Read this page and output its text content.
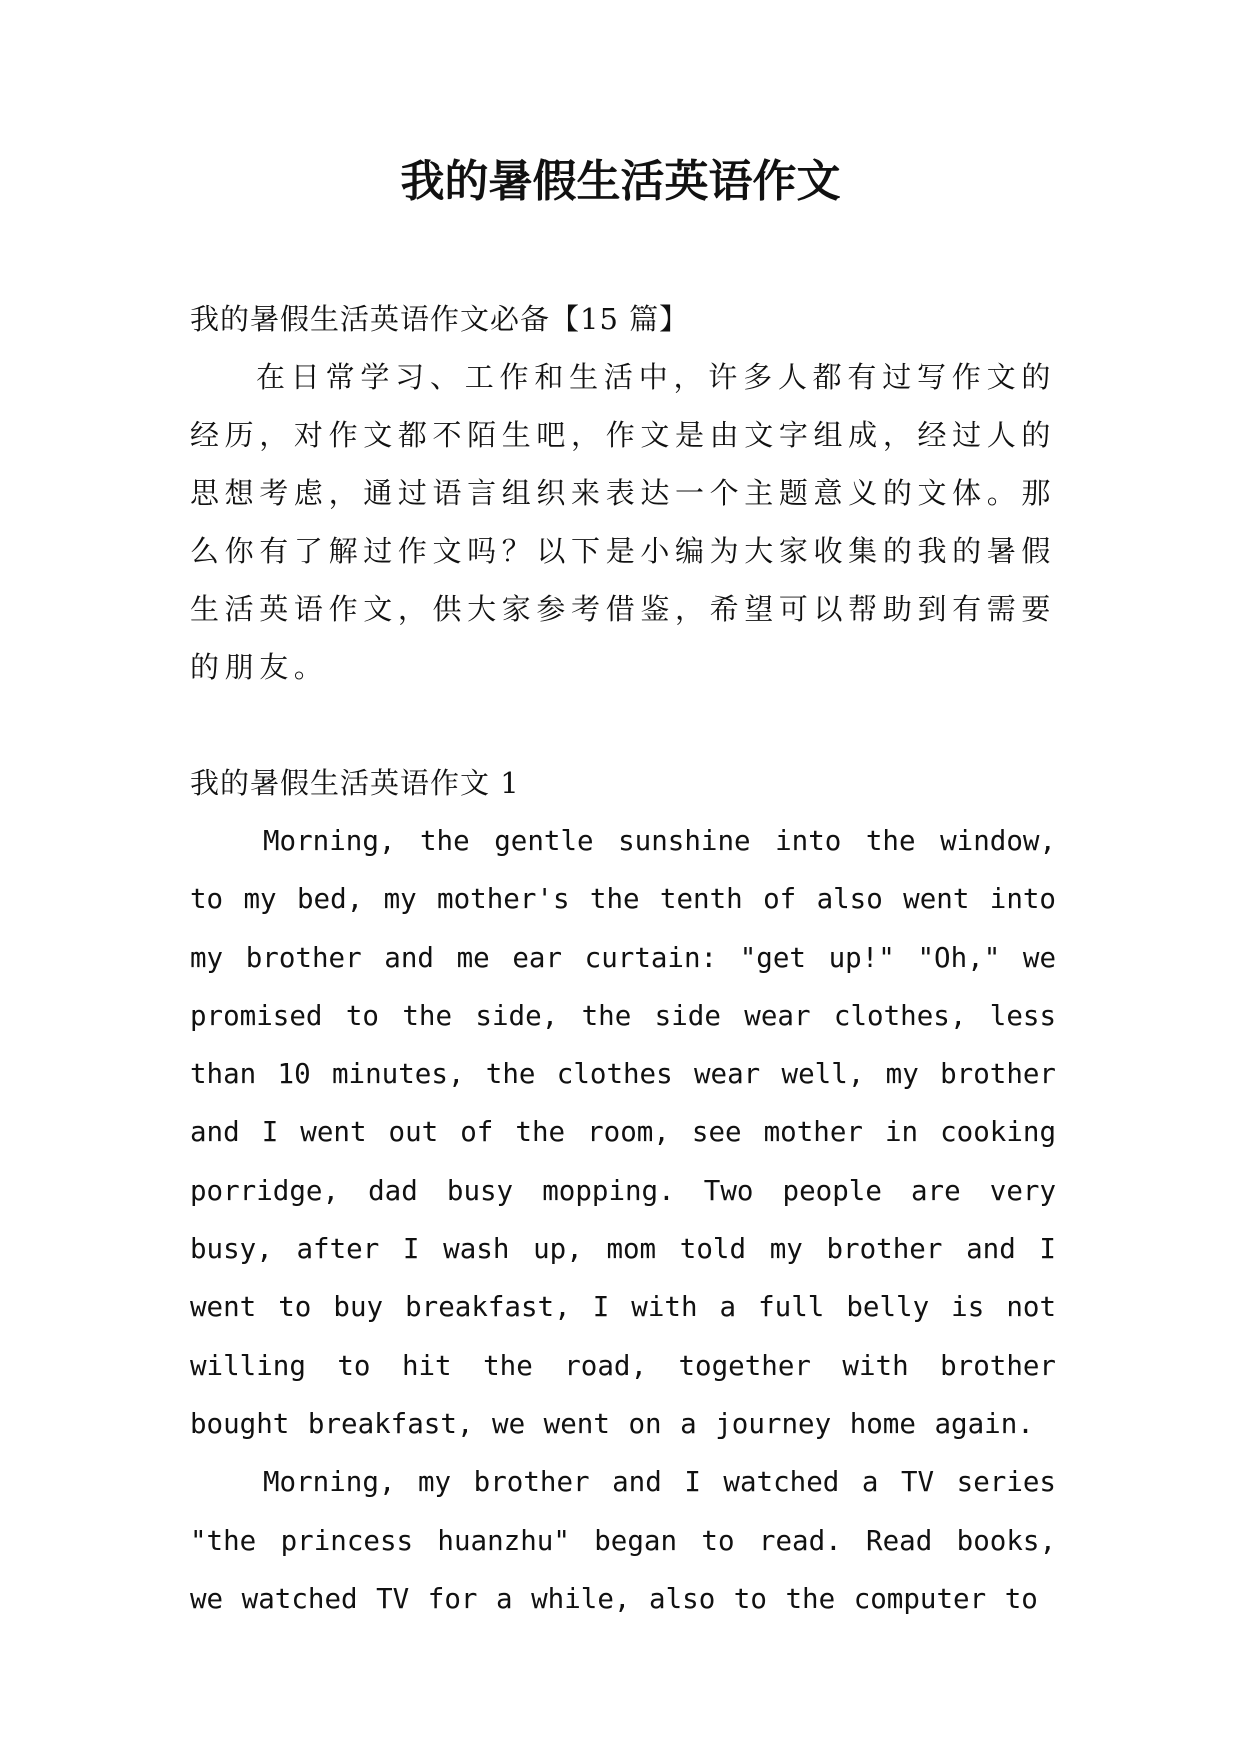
我的暑假生活英语作文

我的暑假生活英语作文必备【15 篇】

在日常学习、工作和生活中，许多人都有过写作文的经历，对作文都不陌生吧，作文是由文字组成，经过人的思想考虑，通过语言组织来表达一个主题意义的文体。那么你有了解过作文吗？以下是小编为大家收集的我的暑假生活英语作文，供大家参考借鉴，希望可以帮助到有需要的朋友。

我的暑假生活英语作文 1

Morning, the gentle sunshine into the window, to my bed, my mother's the tenth of also went into my brother and me ear curtain: "get up!" "Oh," we promised to the side, the side wear clothes, less than 10 minutes, the clothes wear well, my brother and I went out of the room, see mother in cooking porridge, dad busy mopping. Two people are very busy, after I wash up, mom told my brother and I went to buy breakfast, I with a full belly is not willing to hit the road, together with brother bought breakfast, we went on a journey home again.

Morning, my brother and I watched a TV series "the princess huanzhu" began to read. Read books, we watched TV for a while, also to the computer to
